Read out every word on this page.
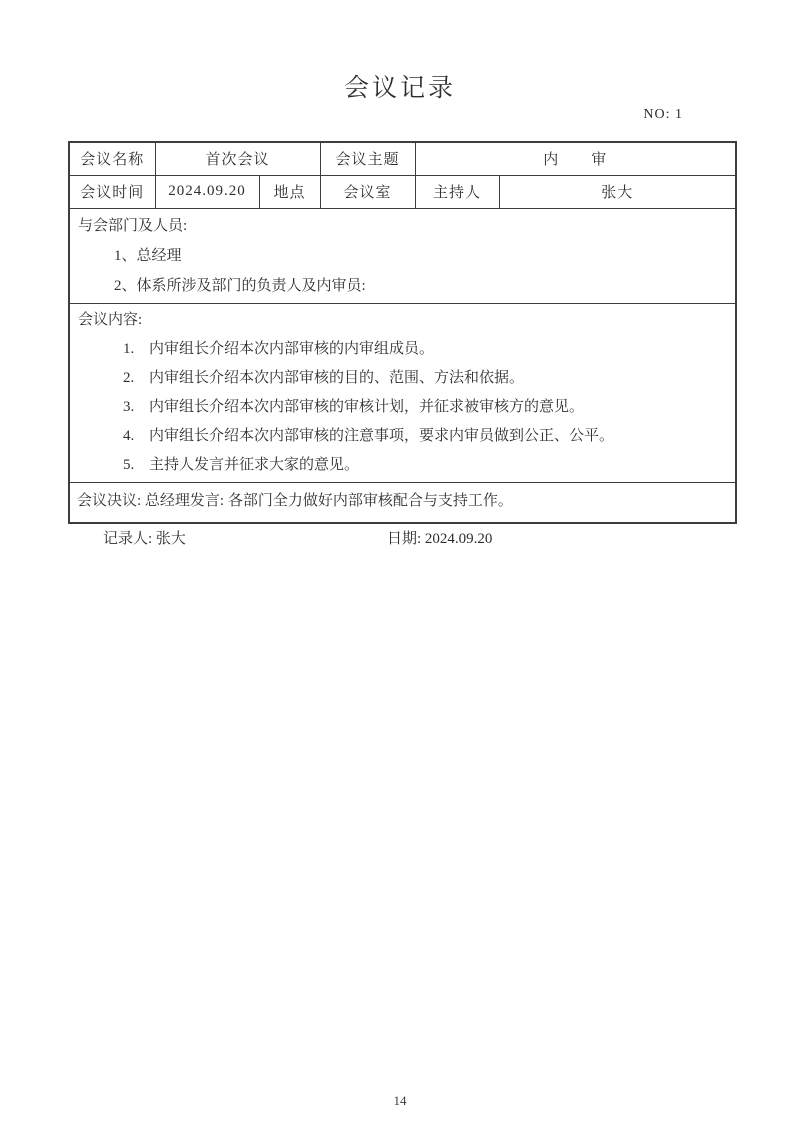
会议记录
NO: 1
会议名称	首次会议		会议主题	内　　审	
会议时间	2024.09.20	地点	会议室	主持人	张大

与会部门及人员:
1、总经理
2、体系所涉及部门的负责人及内审员:					

会议内容:
1. 内审组长介绍本次内部审核的内审组成员。
2. 内审组长介绍本次内部审核的目的、范围、方法和依据。
3. 内审组长介绍本次内部审核的审核计划，并征求被审核方的意见。
4. 内审组长介绍本次内部审核的注意事项，要求内审员做到公正、公平。
5. 主持人发言并征求大家的意见。

会议决议: 总经理发言: 各部门全力做好内部审核配合与支持工作。					
记录人: 张大	日期: 2024.09.20
14
